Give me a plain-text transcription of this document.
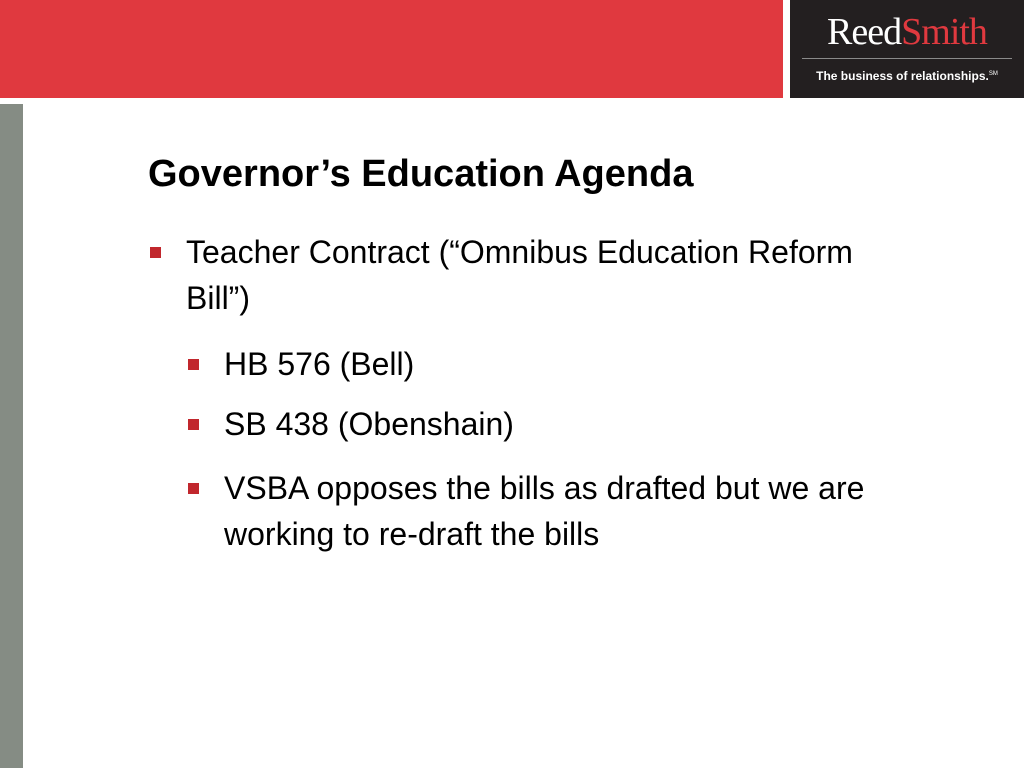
ReedSmith
The business of relationships.℠
Governor’s Education Agenda
Teacher Contract (“Omnibus Education Reform Bill”)
HB 576 (Bell)
SB 438 (Obenshain)
VSBA opposes the bills as drafted but we are working to re-draft the bills
